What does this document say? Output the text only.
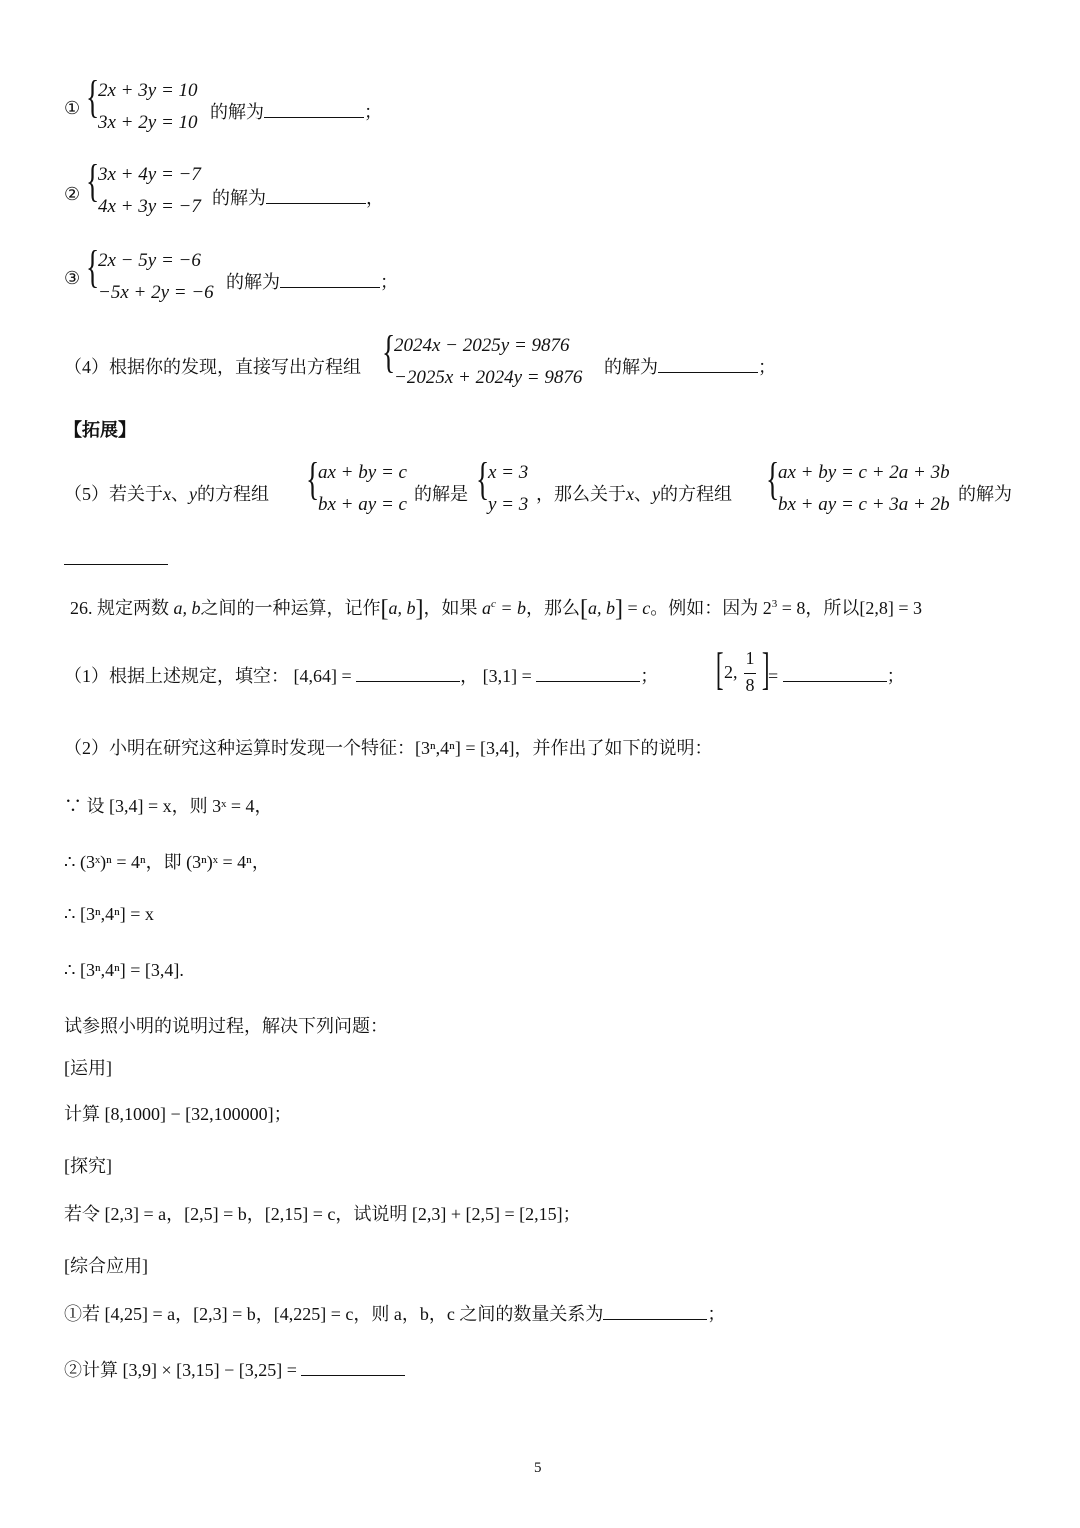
① {
2x + 3y = 10
3x + 2y = 10 的解为	；
② {
3x + 4y = −7
4x + 3y = −7 的解为	，
③ {
2x − 5y = −6
−5x + 2y = −6 的解为	；
（4）根据你的发现，直接写出方程组 {
2024x − 2025y = 9876
−2025x + 2024y = 9876 的解为	；
【拓展】
（5）若关于x、y的方程组 {
ax + by = c
bx + ay = c 的解是 {
x = 3
y = 3 ，那么关于x、y的方程组 {
ax + by = c + 2a + 3b
bx + ay = c + 3a + 2b 的解为
26. 规定两数 a, b之间的一种运算，记作[a, b]，如果 $a^c = b$，那么[a, b] = c。例如：因为 $2^3 = 8$，所以[2,8] = 3
（1）根据上述规定，填空： [4,64] =	， [3,1] =	； [ 2,
1
8 ]
=	；
（2）小明在研究这种运算时发现一个特征：[3ⁿ,4ⁿ] = [3,4]，并作出了如下的说明：
∵ 设 [3,4] = x，则 3ˣ = 4，
∴ (3ˣ)ⁿ = 4ⁿ，即 (3ⁿ)ˣ = 4ⁿ，
∴ [3ⁿ,4ⁿ] = x
∴ [3ⁿ,4ⁿ] = [3,4].
试参照小明的说明过程，解决下列问题：
[运用]
计算 [8,1000] − [32,100000]；
[探究]
若令 [2,3] = a，[2,5] = b，[2,15] = c，试说明 [2,3] + [2,5] = [2,15]；
[综合应用]
①若 [4,25] = a，[2,3] = b，[4,225] = c，则 a，b，c 之间的数量关系为	；
②计算 [3,9] × [3,15] − [3,25] =
5
